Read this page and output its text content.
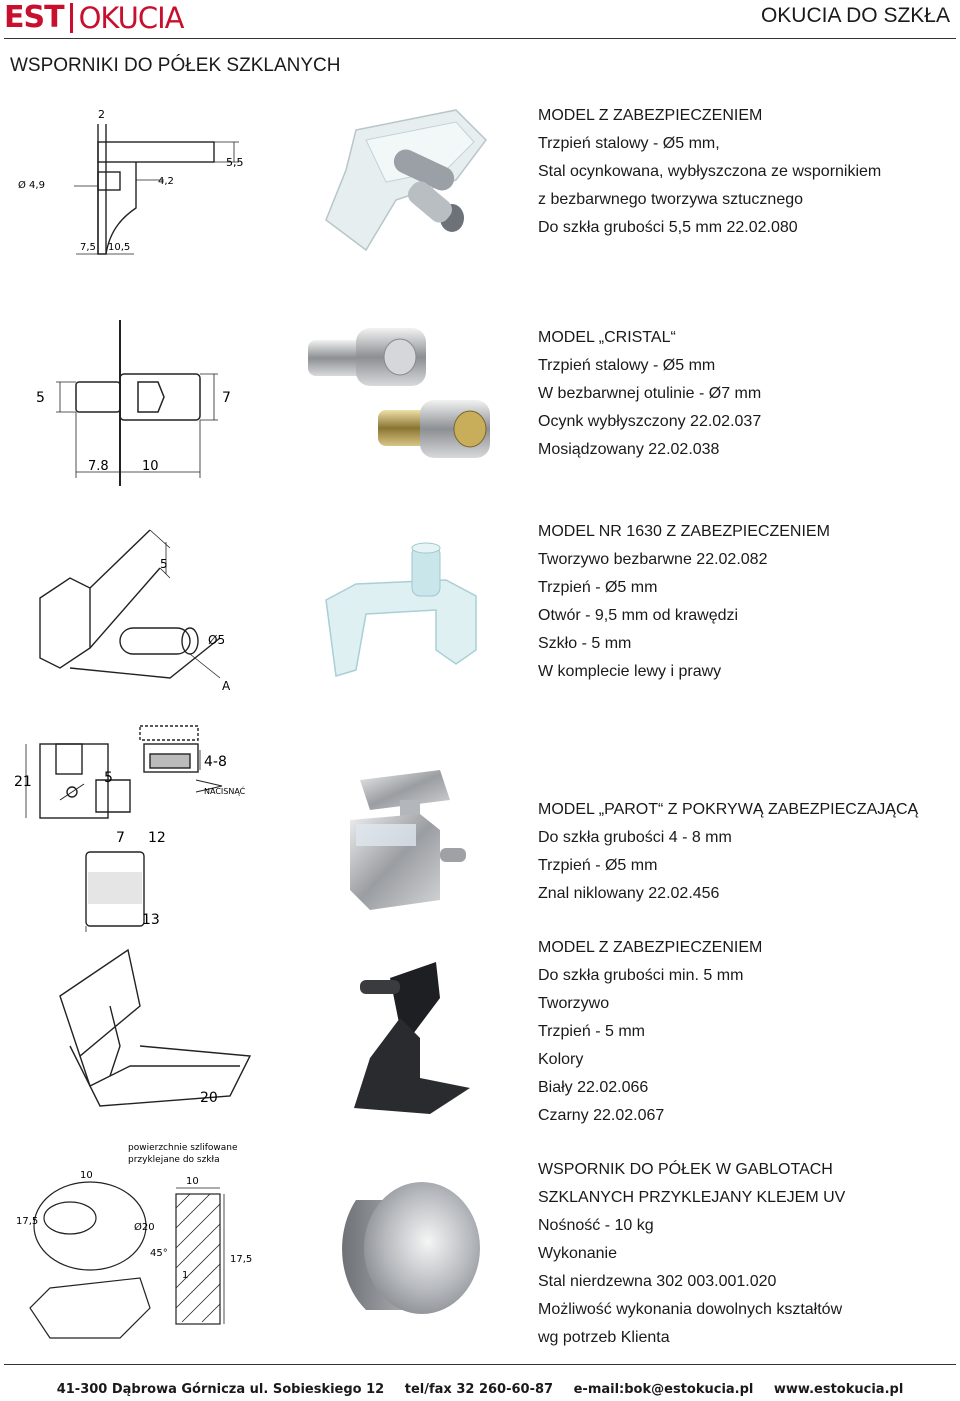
EST OKUCIA	OKUCIA DO SZKŁA
WSPORNIKI DO PÓŁEK SZKLANYCH
2
5,5
Ø 4,9	4,2
7,5 10,5
MODEL Z ZABEZPIECZENIEM
Trzpień stalowy - Ø5 mm,
Stal ocynkowana, wybłyszczona ze wspornikiem
z bezbarwnego tworzywa sztucznego
Do szkła grubości 5,5 mm 22.02.080
5	7
7.8	10
MODEL „CRISTAL“
Trzpień stalowy - Ø5 mm
W bezbarwnej otulinie - Ø7 mm
Ocynk wybłyszczony 22.02.037
Mosiądzowany 22.02.038
5
Ø5
A
MODEL NR 1630 Z ZABEZPIECZENIEM
Tworzywo bezbarwne 22.02.082
Trzpień - Ø5 mm
Otwór - 9,5 mm od krawędzi
Szkło - 5 mm
W komplecie lewy i prawy
4-8
21	5
NACISNĄĆ
7 12
13
MODEL „PAROT“ Z POKRYWĄ ZABEZPIECZAJĄCĄ
Do szkła grubości 4 - 8 mm
Trzpień - Ø5 mm
Znal niklowany 22.02.456
20
MODEL Z ZABEZPIECZENIEM
Do szkła grubości min. 5 mm
Tworzywo
Trzpień - 5 mm
Kolory
Biały 22.02.066
Czarny 22.02.067
powierzchnie szlifowane
przyklejane do szkła
10
10
17,5
Ø20
17,5
45°
1
WSPORNIK DO PÓŁEK W GABLOTACH
SZKLANYCH PRZYKLEJANY KLEJEM UV
Nośność - 10 kg
Wykonanie
Stal nierdzewna 302 003.001.020
Możliwość wykonania dowolnych kształtów
wg potrzeb Klienta
41-300 Dąbrowa Górnicza ul. Sobieskiego 12 tel/fax 32 260-60-87 e-mail:bok@estokucia.pl www.estokucia.pl
